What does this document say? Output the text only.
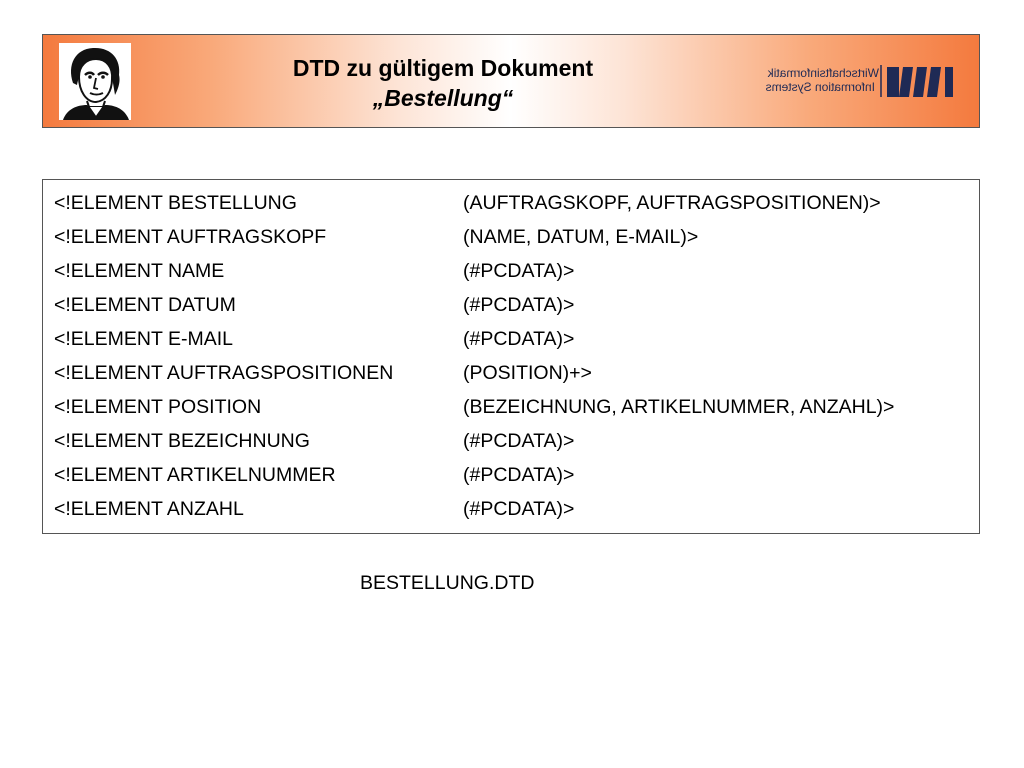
DTD zu gültigem Dokument
„Bestellung“
Wirtschaftsinformatik
Information Systems
<!ELEMENT BESTELLUNG	(AUFTRAGSKOPF, AUFTRAGSPOSITIONEN)>
<!ELEMENT AUFTRAGSKOPF	(NAME, DATUM, E-MAIL)>
<!ELEMENT NAME	(#PCDATA)>
<!ELEMENT DATUM	(#PCDATA)>
<!ELEMENT E-MAIL	(#PCDATA)>
<!ELEMENT AUFTRAGSPOSITIONEN	(POSITION)+>
<!ELEMENT POSITION	(BEZEICHNUNG, ARTIKELNUMMER, ANZAHL)>
<!ELEMENT BEZEICHNUNG	(#PCDATA)>
<!ELEMENT ARTIKELNUMMER	(#PCDATA)>
<!ELEMENT ANZAHL	(#PCDATA)>
BESTELLUNG.DTD
